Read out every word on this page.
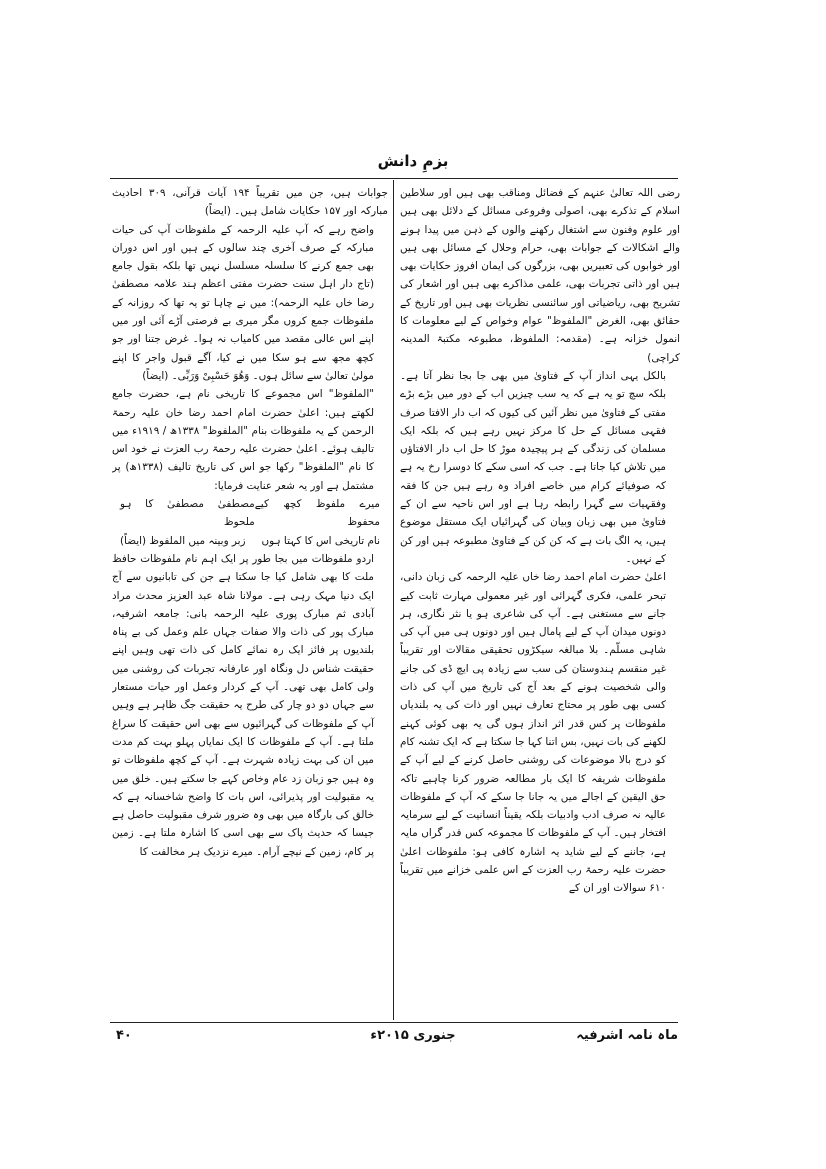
بزمِ دانش

رضی اللہ تعالیٰ عنہم کے فضائل ومناقب بھی ہیں اور سلاطین اسلام کے تذکرے بھی، اصولی وفروعی مسائل کے دلائل بھی ہیں اور علوم وفنون سے اشتغال رکھنے والوں کے ذہن میں پیدا ہونے والے اشکالات کے جوابات بھی، حرام وحلال کے مسائل بھی ہیں اور خوابوں کی تعبیریں بھی، بزرگوں کی ایمان افروز حکایات بھی ہیں اور ذاتی تجربات بھی، علمی مذاکرے بھی ہیں اور اشعار کی تشریح بھی، ریاضیاتی اور سائنسی نظریات بھی ہیں اور تاریخ کے حقائق بھی، الغرض "الملفوظ" عوام وخواص کے لیے معلومات کا انمول خزانہ ہے۔ (مقدمہ: الملفوظ، مطبوعہ مکتبۃ المدینہ کراچی)

بالکل یہی انداز آپ کے فتاویٰ میں بھی جا بجا نظر آتا ہے۔ بلکہ سچ تو یہ ہے کہ یہ سب چیزیں اب کے دور میں بڑے بڑے مفتی کے فتاویٰ میں نظر آئیں کی کیوں کہ اب دار الافتا صرف فقہی مسائل کے حل کا مرکز نہیں رہے ہیں کہ بلکہ ایک مسلمان کی زندگی کے ہر پیچیدہ موڑ کا حل اب دار الافتاؤں میں تلاش کیا جاتا ہے۔ جب کہ اسی سکے کا دوسرا رخ یہ ہے کہ صوفیائے کرام میں خاصے افراد وہ رہے ہیں جن کا فقہ وفقہیات سے گہرا رابطہ رہا ہے اور اس ناحیہ سے ان کے فتاویٰ میں بھی زبان وبیان کی گہرائیاں ایک مستقل موضوع ہیں، یہ الگ بات ہے کہ کن کن کے فتاویٰ مطبوعہ ہیں اور کن کے نہیں۔

اعلیٰ حضرت امام احمد رضا خاں علیہ الرحمہ کی زبان دانی، تبحر علمی، فکری گہرائی اور غیر معمولی مہارت ثابت کیے جانے سے مستغنی ہے۔ آپ کی شاعری ہو یا نثر نگاری، ہر دونوں میدان آپ کے لیے پامال ہیں اور دونوں ہی میں آپ کی شاہی مسلّم۔ بلا مبالغہ سیکڑوں تحقیقی مقالات اور تقریباً غیر منقسم ہندوستان کی سب سے زیادہ پی ایچ ڈی کی جانے والی شخصیت ہونے کے بعد آج کی تاریخ میں آپ کی ذات کسی بھی طور پر محتاج تعارف نہیں اور ذات کی یہ بلندیاں ملفوظات پر کس قدر اثر انداز ہوں گی یہ بھی کوئی کہنے لکھنے کی بات نہیں، بس اتنا کہا جا سکتا ہے کہ ایک تشنہ کام کو درج بالا موضوعات کی روشنی حاصل کرنے کے لیے آپ کے ملفوظات شریفہ کا ایک بار مطالعہ ضرور کرنا چاہیے تاکہ حق الیقین کے اجالے میں یہ جانا جا سکے کہ آپ کے ملفوظات عالیہ نہ صرف ادب وادبیات بلکہ یقیناً انسانیت کے لیے سرمایہ افتخار ہیں۔ آپ کے ملفوظات کا مجموعہ کس قدر گراں مایہ ہے، جاننے کے لیے شاید یہ اشارہ کافی ہو: ملفوظات اعلیٰ حضرت علیہ رحمۃ رب العزت کے اس علمی خزانے میں تقریباً ۶۱۰ سوالات اور ان کے

جوابات ہیں، جن میں تقریباً ۱۹۴ آیات قرآنی، ۳۰۹ احادیث مبارکہ اور ۱۵۷ حکایات شامل ہیں۔ (ایضاً)

واضح رہے کہ آپ علیہ الرحمہ کے ملفوظات آپ کی حیات مبارکہ کے صرف آخری چند سالوں کے ہیں اور اس دوران بھی جمع کرنے کا سلسلہ مسلسل نہیں تھا بلکہ بقول جامع (تاج دار اہل سنت حضرت مفتی اعظم ہند علامہ مصطفیٰ رضا خاں علیہ الرحمہ): میں نے چاہا تو یہ تھا کہ روزانہ کے ملفوظات جمع کروں مگر میری بے فرصتی آڑے آئی اور میں اپنے اس عالی مقصد میں کامیاب نہ ہوا۔ غرض جتنا اور جو کچھ مجھ سے ہو سکا میں نے کیا، آگے قبول واجر کا اپنے مولیٰ تعالیٰ سے سائل ہوں۔ وَھُوَ حَسْبِیْ وَرَبِّی۔ (ایضاً)

"الملفوظ" اس مجموعے کا تاریخی نام ہے، حضرت جامع لکھتے ہیں: اعلیٰ حضرت امام احمد رضا خان علیہ رحمۃ الرحمن کے یہ ملفوظات بنام "الملفوظ" ۱۳۳۸ھ / ۱۹۱۹ء میں تالیف ہوئے۔ اعلیٰ حضرت علیہ رحمۃ رب العزت نے خود اس کا نام "الملفوظ" رکھا جو اس کی تاریخ تالیف (۱۳۳۸ھ) پر مشتمل ہے اور یہ شعر عنایت فرمایا:

میرے ملفوظ کچھ کیے محفوظ
مصطفیٰ مصطفیٰ کا ہو ملحوظ
نام تاریخی اس کا کہتا ہوں
زبر وبینہ میں الملفوظ (ایضاً)

اردو ملفوظات میں بجا طور پر ایک اہم نام ملفوظات حافظ ملت کا بھی شامل کیا جا سکتا ہے جن کی تابانیوں سے آج ایک دنیا مہک رہی ہے۔ مولانا شاہ عبد العزیز محدث مراد آبادی ثم مبارک پوری علیہ الرحمہ بانی: جامعہ اشرفیہ، مبارک پور کی ذات والا صفات جہاں علم وعمل کی بے پناہ بلندیوں پر فائز ایک رہ نمائے کامل کی ذات تھی وہیں اپنے حقیقت شناس دل ونگاہ اور عارفانہ تجربات کی روشنی میں ولی کامل بھی تھی۔ آپ کے کردار وعمل اور حیات مستعار سے جہاں دو دو چار کی طرح یہ حقیقت جگ ظاہر ہے وہیں آپ کے ملفوظات کی گہرائیوں سے بھی اس حقیقت کا سراغ ملتا ہے۔ آپ کے ملفوظات کا ایک نمایاں پہلو بہت کم مدت میں ان کی بہت زیادہ شہرت ہے۔ آپ کے کچھ ملفوظات تو وہ ہیں جو زبان زد عام وخاص کہے جا سکتے ہیں۔ خلق میں یہ مقبولیت اور پذیرائی، اس بات کا واضح شاخسانہ ہے کہ خالق کی بارگاہ میں بھی وہ ضرور شرف مقبولیت حاصل ہے جیسا کہ حدیث پاک سے بھی اسی کا اشارہ ملتا ہے۔ زمین پر کام، زمین کے نیچے آرام۔ میرے نزدیک ہر مخالفت کا

ماہ نامہ اشرفیہ
جنوری ۲۰۱۵ء
۴۰
